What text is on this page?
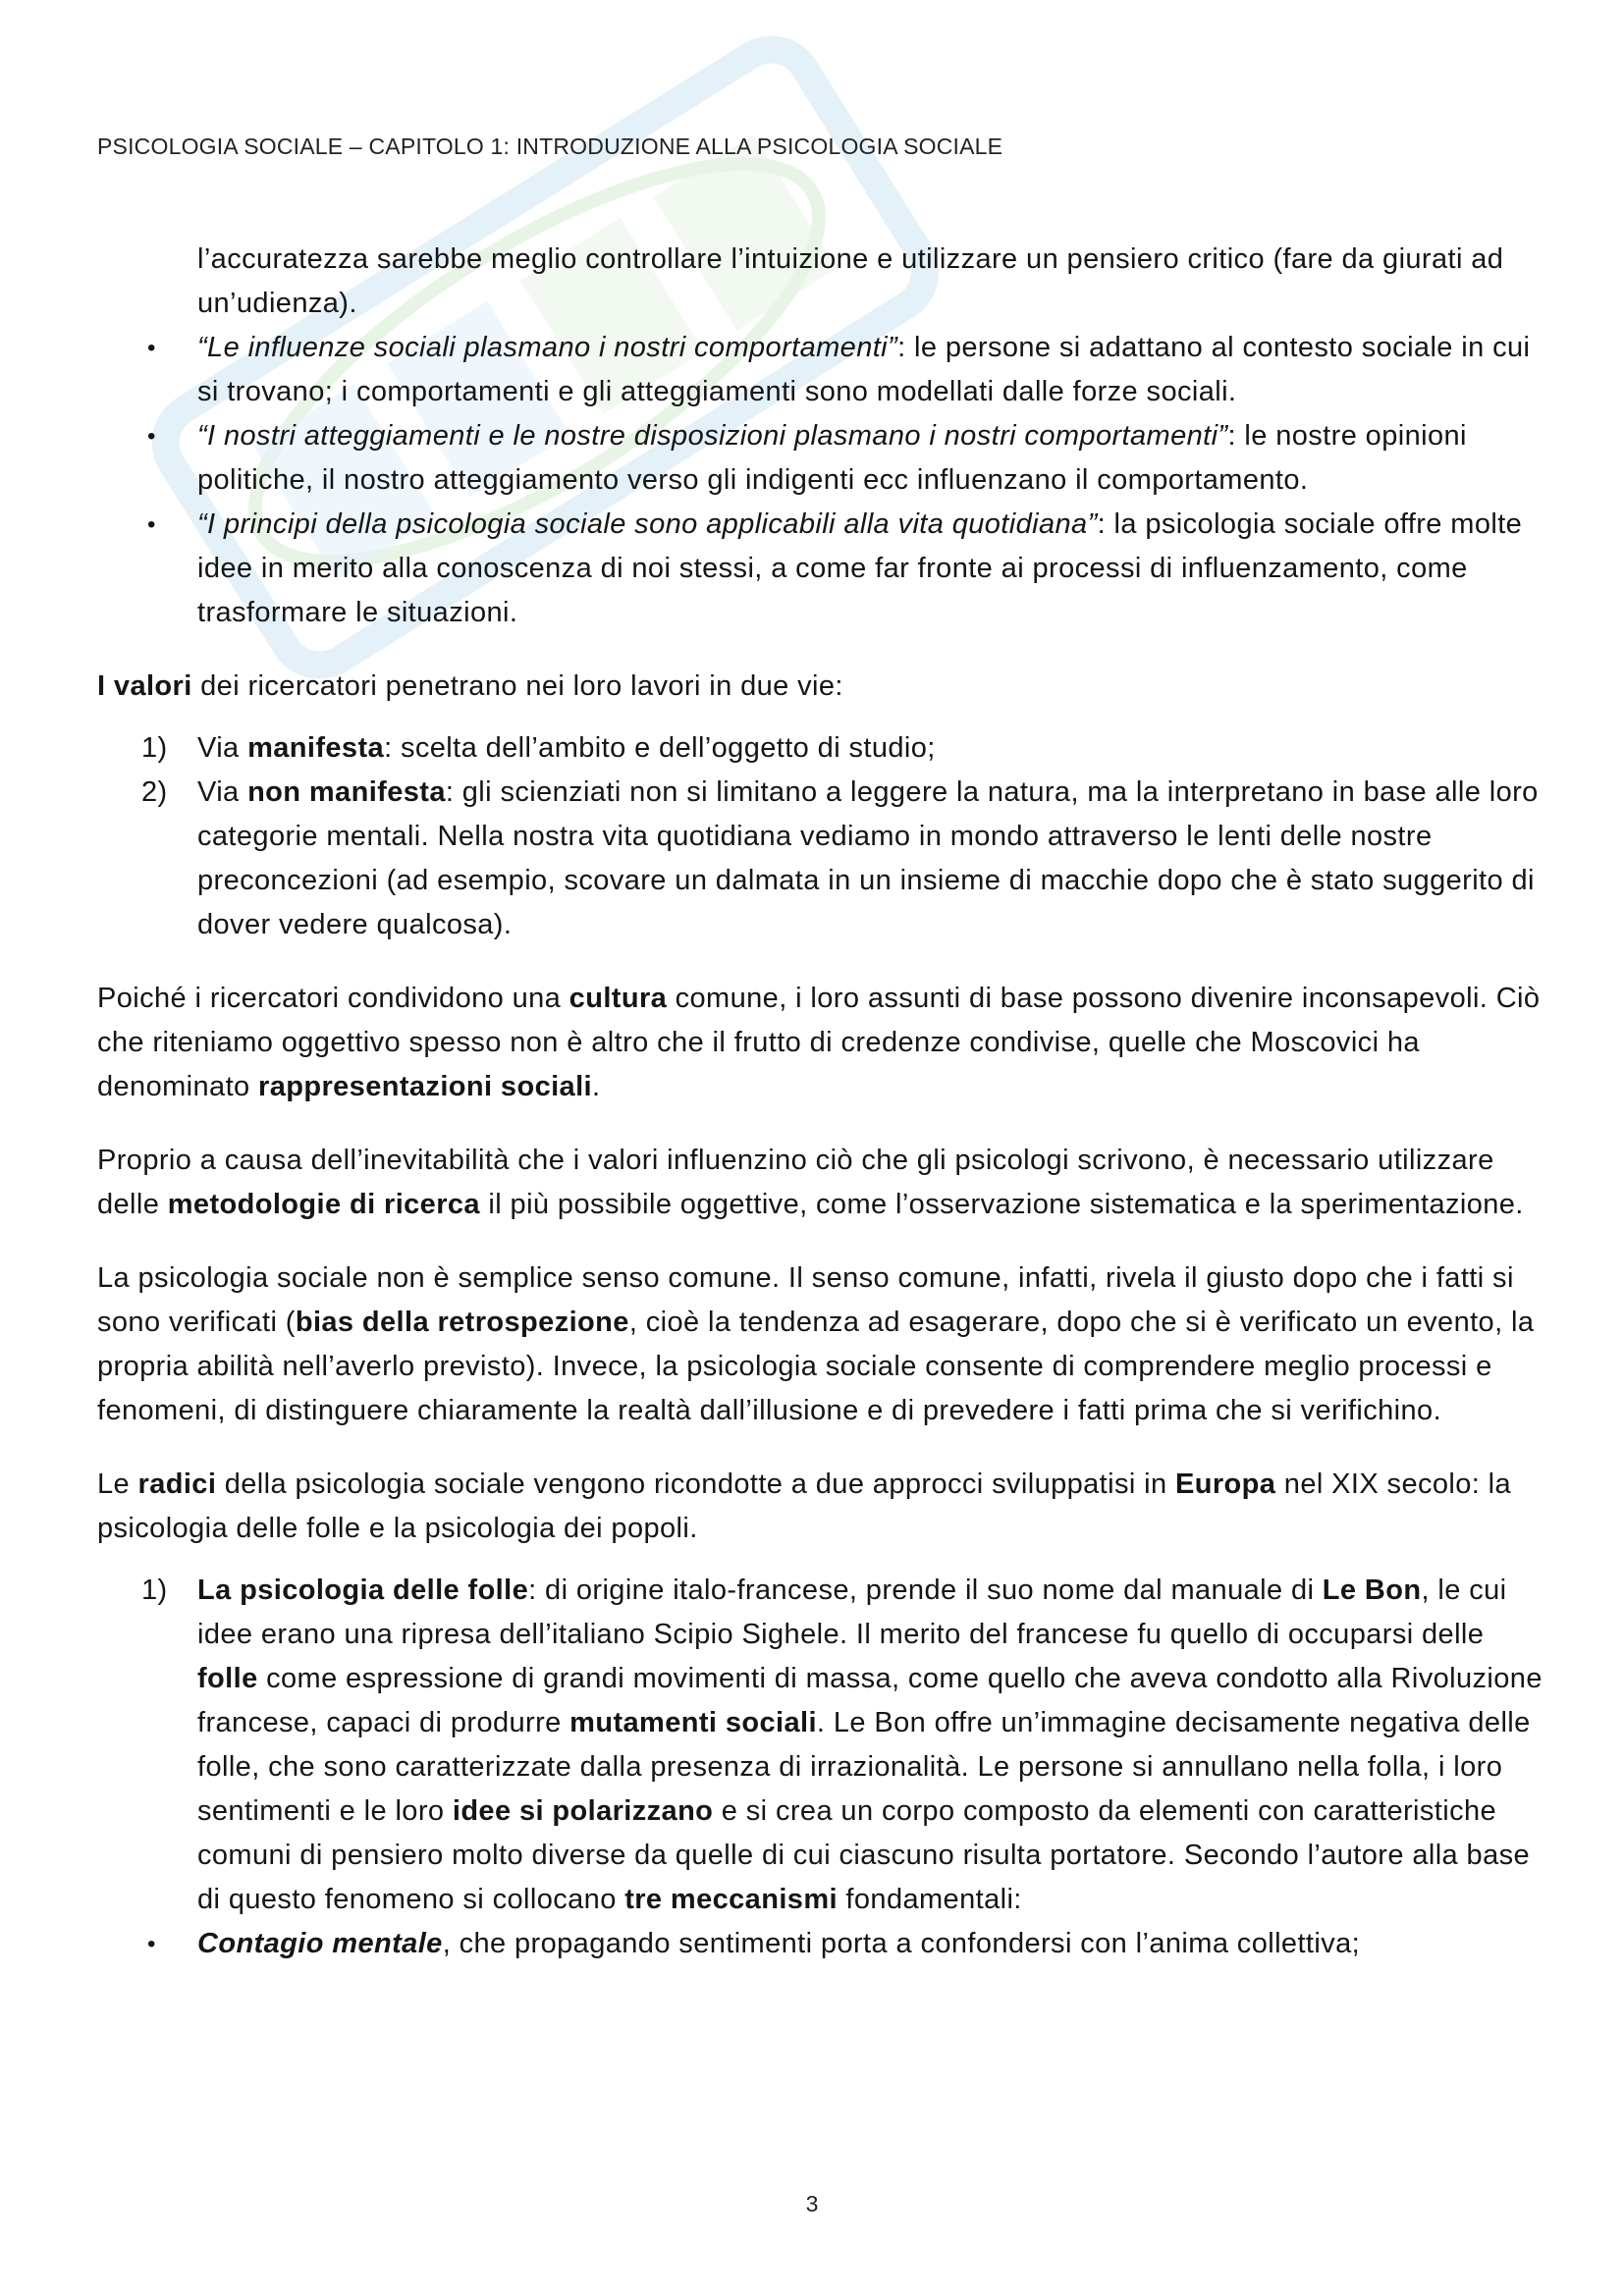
PSICOLOGIA SOCIALE – CAPITOLO 1: INTRODUZIONE ALLA PSICOLOGIA SOCIALE
l’accuratezza sarebbe meglio controllare l’intuizione e utilizzare un pensiero critico (fare da giurati ad un’udienza).
• “Le influenze sociali plasmano i nostri comportamenti”: le persone si adattano al contesto sociale in cui si trovano; i comportamenti e gli atteggiamenti sono modellati dalle forze sociali.
• “I nostri atteggiamenti e le nostre disposizioni plasmano i nostri comportamenti”: le nostre opinioni politiche, il nostro atteggiamento verso gli indigenti ecc influenzano il comportamento.
• “I principi della psicologia sociale sono applicabili alla vita quotidiana”: la psicologia sociale offre molte idee in merito alla conoscenza di noi stessi, a come far fronte ai processi di influenzamento, come trasformare le situazioni.

I valori dei ricercatori penetrano nei loro lavori in due vie:

1) Via manifesta: scelta dell’ambito e dell’oggetto di studio;
2) Via non manifesta: gli scienziati non si limitano a leggere la natura, ma la interpretano in base alle loro categorie mentali. Nella nostra vita quotidiana vediamo in mondo attraverso le lenti delle nostre preconcezioni (ad esempio, scovare un dalmata in un insieme di macchie dopo che è stato suggerito di dover vedere qualcosa).

Poiché i ricercatori condividono una cultura comune, i loro assunti di base possono divenire inconsapevoli. Ciò che riteniamo oggettivo spesso non è altro che il frutto di credenze condivise, quelle che Moscovici ha denominato rappresentazioni sociali.

Proprio a causa dell’inevitabilità che i valori influenzino ciò che gli psicologi scrivono, è necessario utilizzare delle metodologie di ricerca il più possibile oggettive, come l’osservazione sistematica e la sperimentazione.

La psicologia sociale non è semplice senso comune. Il senso comune, infatti, rivela il giusto dopo che i fatti si sono verificati (bias della retrospezione, cioè la tendenza ad esagerare, dopo che si è verificato un evento, la propria abilità nell’averlo previsto). Invece, la psicologia sociale consente di comprendere meglio processi e fenomeni, di distinguere chiaramente la realtà dall’illusione e di prevedere i fatti prima che si verifichino.

Le radici della psicologia sociale vengono ricondotte a due approcci sviluppatisi in Europa nel XIX secolo: la psicologia delle folle e la psicologia dei popoli.

1) La psicologia delle folle: di origine italo-francese, prende il suo nome dal manuale di Le Bon, le cui idee erano una ripresa dell’italiano Scipio Sighele. Il merito del francese fu quello di occuparsi delle folle come espressione di grandi movimenti di massa, come quello che aveva condotto alla Rivoluzione francese, capaci di produrre mutamenti sociali. Le Bon offre un’immagine decisamente negativa delle folle, che sono caratterizzate dalla presenza di irrazionalità. Le persone si annullano nella folla, i loro sentimenti e le loro idee si polarizzano e si crea un corpo composto da elementi con caratteristiche comuni di pensiero molto diverse da quelle di cui ciascuno risulta portatore. Secondo l’autore alla base di questo fenomeno si collocano tre meccanismi fondamentali:
• Contagio mentale, che propagando sentimenti porta a confondersi con l’anima collettiva;
3
